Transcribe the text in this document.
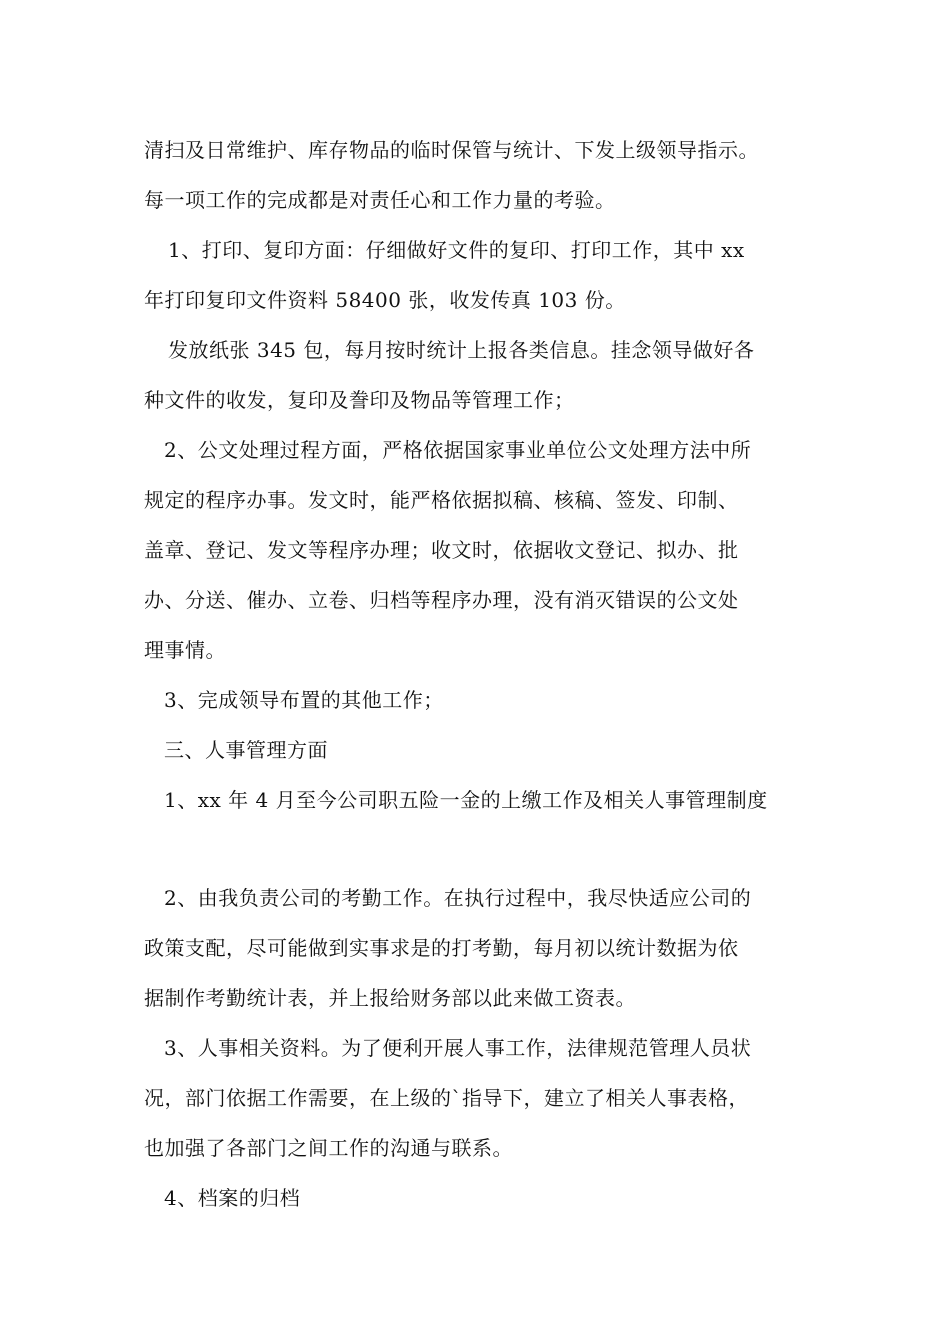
清扫及日常维护、库存物品的临时保管与统计、下发上级领导指示。
每一项工作的完成都是对责任心和工作力量的考验。
1、打印、复印方面：仔细做好文件的复印、打印工作，其中 xx
年打印复印文件资料 58400 张，收发传真 103 份。
发放纸张 345 包，每月按时统计上报各类信息。挂念领导做好各
种文件的收发，复印及誊印及物品等管理工作；
2、公文处理过程方面，严格依据国家事业单位公文处理方法中所
规定的程序办事。发文时，能严格依据拟稿、核稿、签发、印制、
盖章、登记、发文等程序办理；收文时，依据收文登记、拟办、批
办、分送、催办、立卷、归档等程序办理，没有消灭错误的公文处
理事情。
3、完成领导布置的其他工作；
三、人事管理方面
1、xx 年 4 月至今公司职五险一金的上缴工作及相关人事管理制度
2、由我负责公司的考勤工作。在执行过程中，我尽快适应公司的
政策支配，尽可能做到实事求是的打考勤，每月初以统计数据为依
据制作考勤统计表，并上报给财务部以此来做工资表。
3、人事相关资料。为了便利开展人事工作，法律规范管理人员状
况，部门依据工作需要，在上级的`指导下，建立了相关人事表格，
也加强了各部门之间工作的沟通与联系。
4、档案的归档
